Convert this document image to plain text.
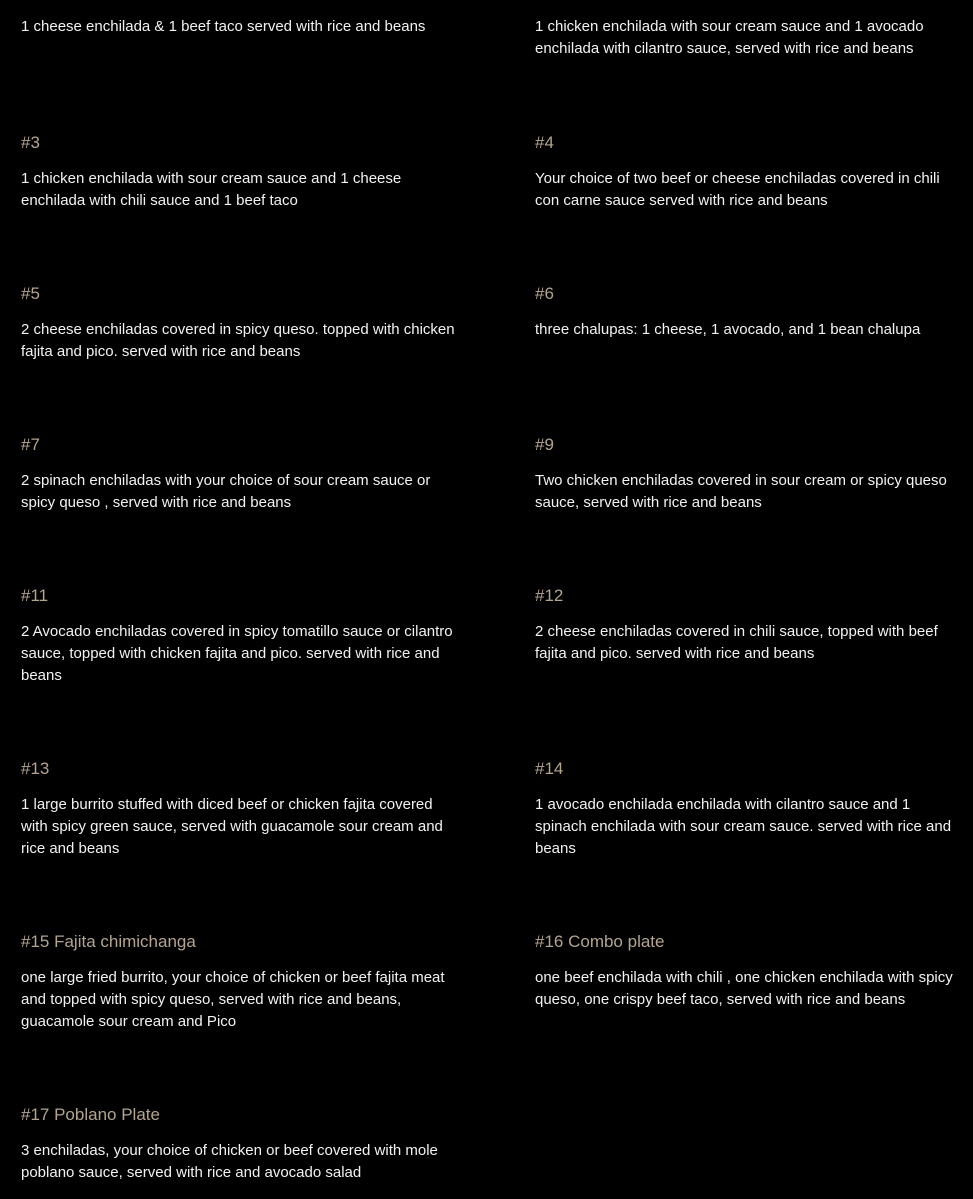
1 cheese enchilada & 1 beef taco served with rice and beans	1 chicken enchilada with sour cream sauce and 1 avocado enchilada with cilantro sauce, served with rice and beans

#3

1 chicken enchilada with sour cream sauce and 1 cheese enchilada with chili sauce and 1 beef taco

#4

Your choice of two beef or cheese enchiladas covered in chili con carne sauce served with rice and beans

#5

2 cheese enchiladas covered in spicy queso. topped with chicken fajita and pico. served with rice and beans

#6

three chalupas: 1 cheese, 1 avocado, and 1 bean chalupa

#7

2 spinach enchiladas with your choice of sour cream sauce or spicy queso , served with rice and beans

#9

Two chicken enchiladas covered in sour cream or spicy queso sauce, served with rice and beans

#11

2 Avocado enchiladas covered in spicy tomatillo sauce or cilantro sauce, topped with chicken fajita and pico. served with rice and beans

#12

2 cheese enchiladas covered in chili sauce, topped with beef fajita and pico. served with rice and beans

#13

1 large burrito stuffed with diced beef or chicken fajita covered with spicy green sauce, served with guacamole sour cream and rice and beans

#14

1 avocado enchilada enchilada with cilantro sauce and 1 spinach enchilada with sour cream sauce. served with rice and beans

#15 Fajita chimichanga

one large fried burrito, your choice of chicken or beef fajita meat and topped with spicy queso, served with rice and beans, guacamole sour cream and Pico

#16 Combo plate

one beef enchilada with chili , one chicken enchilada with spicy queso, one crispy beef taco, served with rice and beans

#17 Poblano Plate

3 enchiladas, your choice of chicken or beef covered with mole poblano sauce, served with rice and avocado salad
